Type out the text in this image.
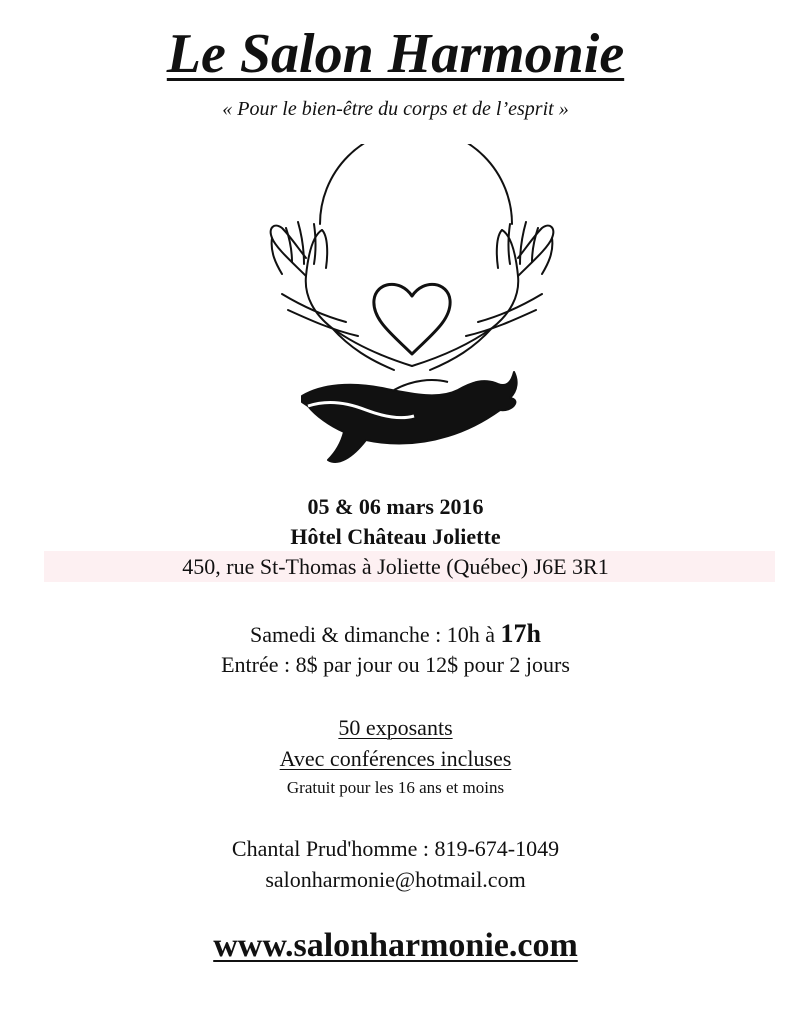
Le Salon Harmonie
« Pour le bien-être du corps et de l’esprit »
05 & 06 mars 2016
Hôtel Château Joliette
450, rue St-Thomas à Joliette (Québec) J6E 3R1
Samedi & dimanche : 10h à 17h
Entrée : 8$ par jour ou 12$ pour 2 jours
50 exposants
Avec conférences incluses
Gratuit pour les 16 ans et moins
Chantal Prud'homme : 819-674-1049
salonharmonie@hotmail.com
www.salonharmonie.com
